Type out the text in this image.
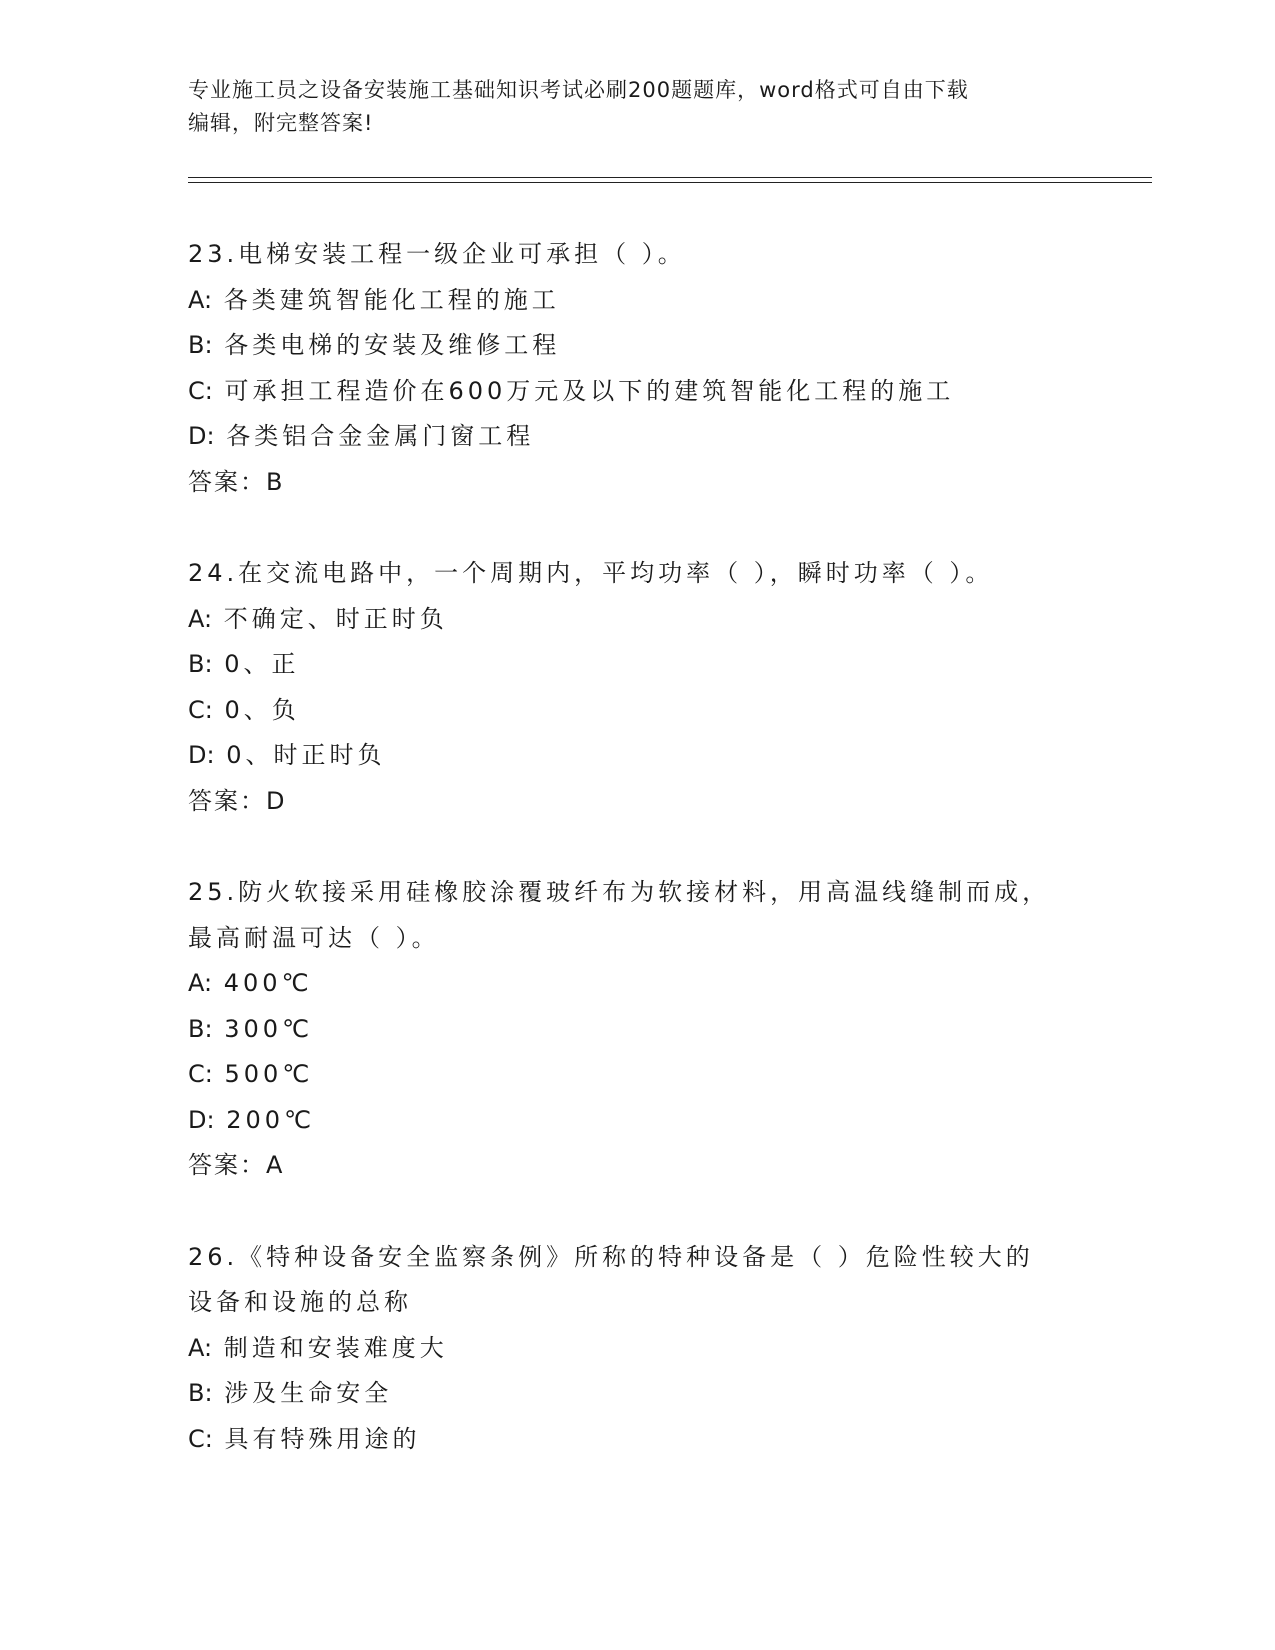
专业施工员之设备安装施工基础知识考试必刷200题题库，word格式可自由下载
编辑，附完整答案!
23.电梯安装工程一级企业可承担（ ）。
A: 各类建筑智能化工程的施工
B: 各类电梯的安装及维修工程
C: 可承担工程造价在600万元及以下的建筑智能化工程的施工
D: 各类铝合金金属门窗工程
答案：B
24.在交流电路中，一个周期内，平均功率（ ），瞬时功率（ ）。
A: 不确定、时正时负
B: 0、正
C: 0、负
D: 0、时正时负
答案：D
25.防火软接采用硅橡胶涂覆玻纤布为软接材料，用高温线缝制而成，
最高耐温可达（ ）。
A: 400℃
B: 300℃
C: 500℃
D: 200℃
答案：A
26.《特种设备安全监察条例》所称的特种设备是（ ）危险性较大的
设备和设施的总称
A: 制造和安装难度大
B: 涉及生命安全
C: 具有特殊用途的
